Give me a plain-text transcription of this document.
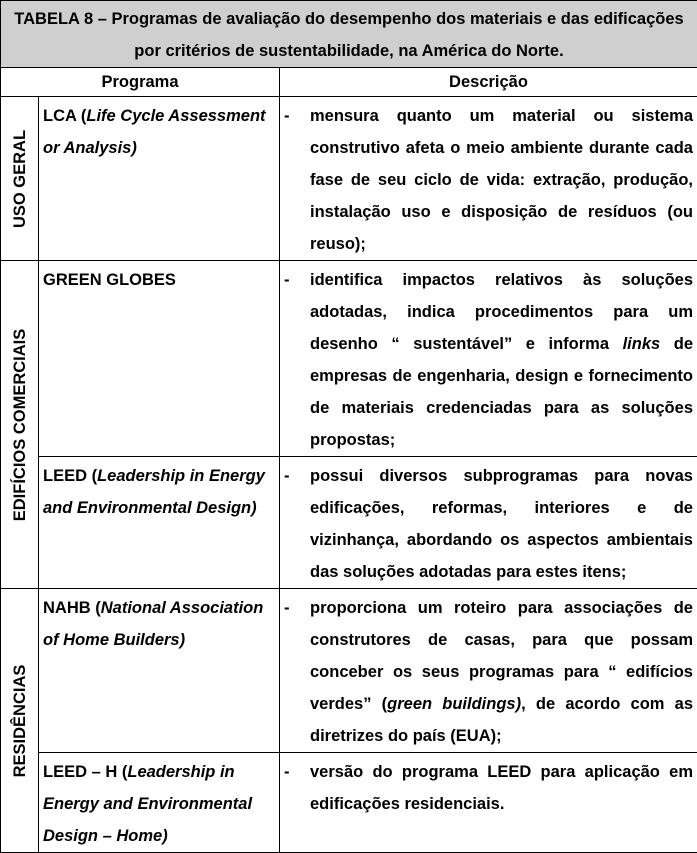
TABELA 8 – Programas de avaliação do desempenho dos materiais e das edificações por critérios de sustentabilidade, na América do Norte.		
Programa		Descrição

USO GERAL	LCA (Life Cycle Assessment or Analysis)	- mensura quanto um material ou sistema construtivo afeta o meio ambiente durante cada fase de seu ciclo de vida: extração, produção, instalação uso e disposição de resíduos (ou reuso);

EDIFÍCIOS COMERCIAIS	GREEN GLOBES	- identifica impactos relativos às soluções adotadas, indica procedimentos para um desenho “ sustentável” e informa links de empresas de engenharia, design e fornecimento de materiais credenciadas para as soluções propostas;

	LEED (Leadership in Energy and Environmental Design)	- possui diversos subprogramas para novas edificações, reformas, interiores e de vizinhança, abordando os aspectos ambientais das soluções adotadas para estes itens;

RESIDÊNCIAS	NAHB (National Association of Home Builders)	- proporciona um roteiro para associações de construtores de casas, para que possam conceber os seus programas para “ edifícios verdes” (green buildings), de acordo com as diretrizes do país (EUA);

	LEED – H (Leadership in Energy and Environmental Design – Home)	- versão do programa LEED para aplicação em edificações residenciais.
